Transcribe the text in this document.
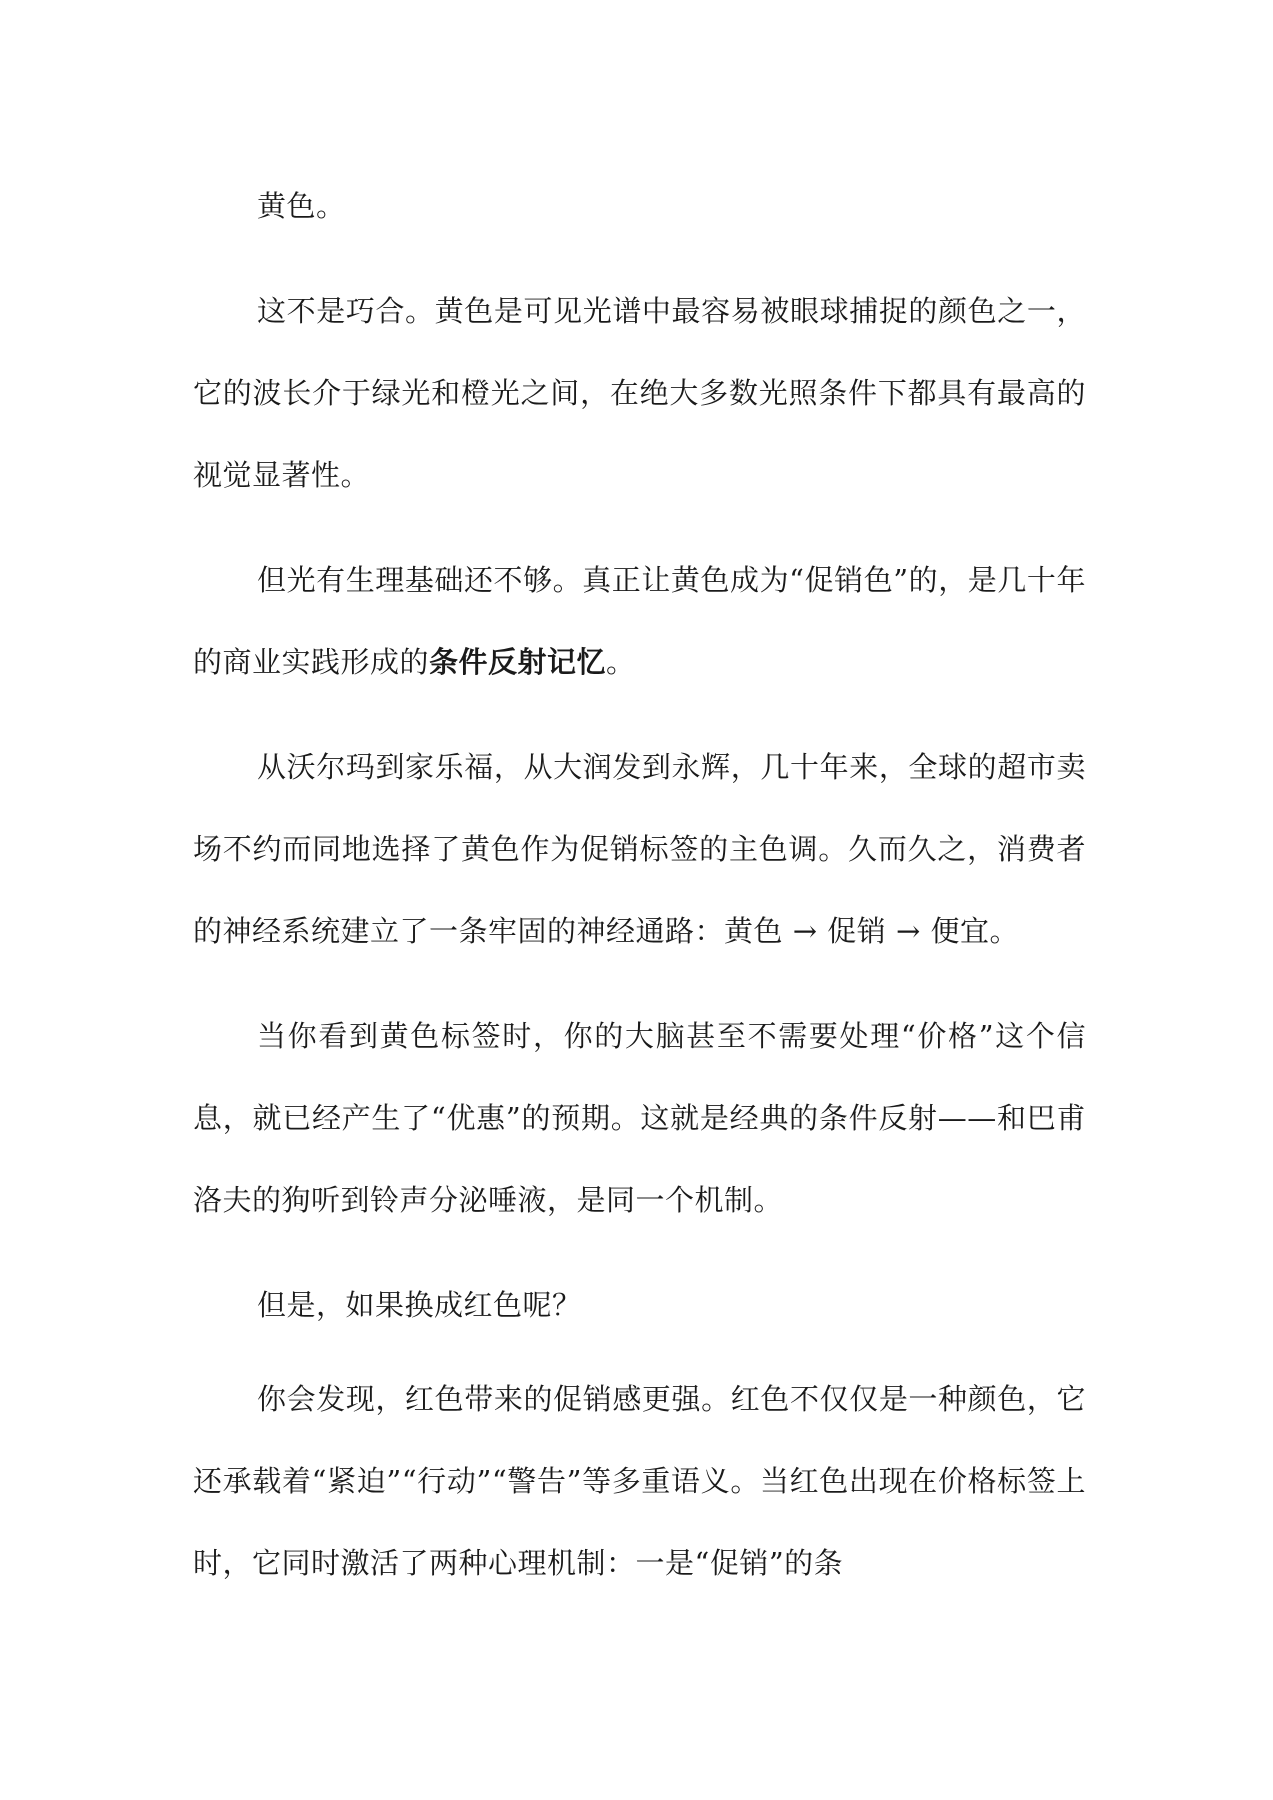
黄色。

这不是巧合。黄色是可见光谱中最容易被眼球捕捉的颜色之一，它的波长介于绿光和橙光之间，在绝大多数光照条件下都具有最高的视觉显著性。

但光有生理基础还不够。真正让黄色成为“促销色”的，是几十年的商业实践形成的条件反射记忆。

从沃尔玛到家乐福，从大润发到永辉，几十年来，全球的超市卖场不约而同地选择了黄色作为促销标签的主色调。久而久之，消费者的神经系统建立了一条牢固的神经通路：黄色 → 促销 → 便宜。

当你看到黄色标签时，你的大脑甚至不需要处理“价格”这个信息，就已经产生了“优惠”的预期。这就是经典的条件反射——和巴甫洛夫的狗听到铃声分泌唾液，是同一个机制。

但是，如果换成红色呢？

你会发现，红色带来的促销感更强。红色不仅仅是一种颜色，它还承载着“紧迫”“行动”“警告”等多重语义。当红色出现在价格标签上时，它同时激活了两种心理机制：一是“促销”的条
